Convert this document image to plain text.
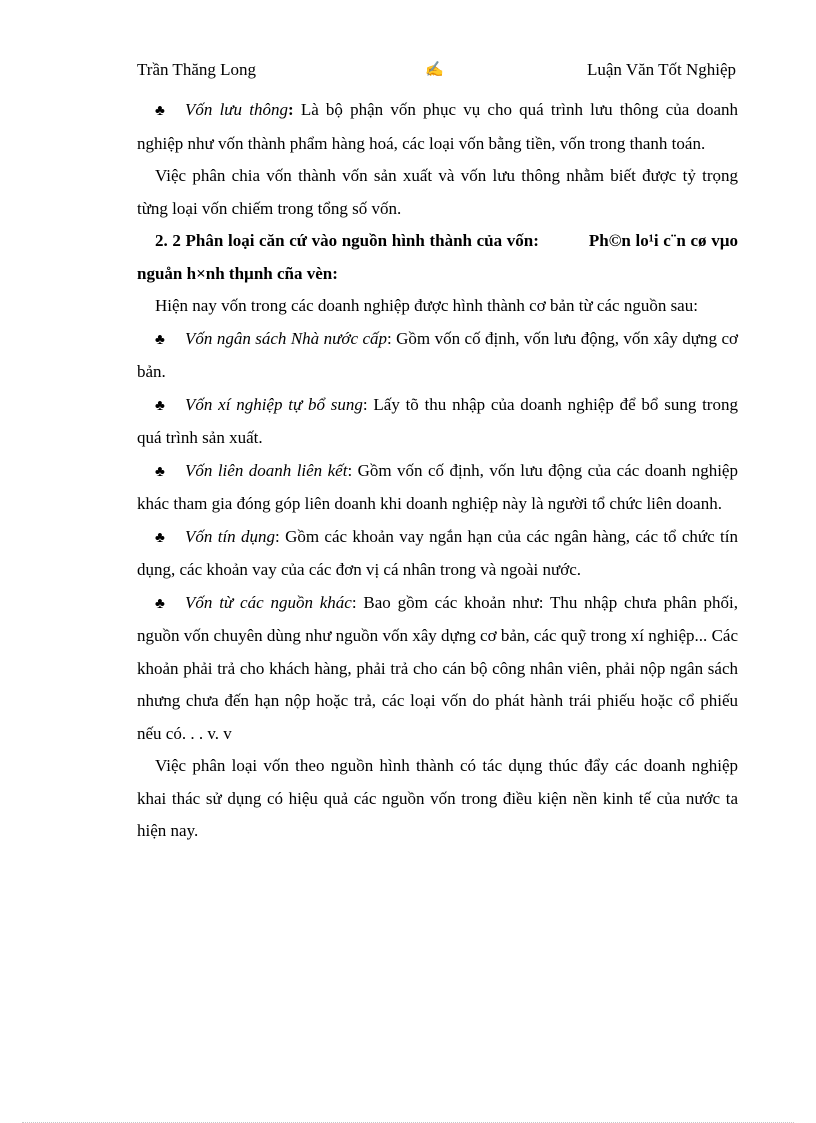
Trần Thăng Long	✍	Luận Văn Tốt Nghiệp

♣ Vốn lưu thông: Là bộ phận vốn phục vụ cho quá trình lưu thông của doanh nghiệp như vốn thành phẩm hàng hoá, các loại vốn bằng tiền, vốn trong thanh toán.

Việc phân chia vốn thành vốn sản xuất và vốn lưu thông nhằm biết được tỷ trọng từng loại vốn chiếm trong tổng số vốn.

2. 2 Phân loại căn cứ vào nguồn hình thành của vốn:	Ph©n lo¹i c¨n cø vµo nguån h×nh thµnh cña vèn:

Hiện nay vốn trong các doanh nghiệp được hình thành cơ bản từ các nguồn sau:

♣ Vốn ngân sách Nhà nước cấp: Gồm vốn cố định, vốn lưu động, vốn xây dựng cơ bản.

♣ Vốn xí nghiệp tự bổ sung: Lấy tõ thu nhập của doanh nghiệp để bổ sung trong quá trình sản xuất.

♣ Vốn liên doanh liên kết: Gồm vốn cố định, vốn lưu động của các doanh nghiệp khác tham gia đóng góp liên doanh khi doanh nghiệp này là người tổ chức liên doanh.

♣ Vốn tín dụng: Gồm các khoản vay ngắn hạn của các ngân hàng, các tổ chức tín dụng, các khoản vay của các đơn vị cá nhân trong và ngoài nước.

♣ Vốn từ các nguồn khác: Bao gồm các khoản như: Thu nhập chưa phân phối, nguồn vốn chuyên dùng như nguồn vốn xây dựng cơ bản, các quỹ trong xí nghiệp... Các khoản phải trả cho khách hàng, phải trả cho cán bộ công nhân viên, phải nộp ngân sách nhưng chưa đến hạn nộp hoặc trả, các loại vốn do phát hành trái phiếu hoặc cổ phiếu nếu có. . . v. v

Việc phân loại vốn theo nguồn hình thành có tác dụng thúc đẩy các doanh nghiệp khai thác sử dụng có hiệu quả các nguồn vốn trong điều kiện nền kinh tế của nước ta hiện nay.
